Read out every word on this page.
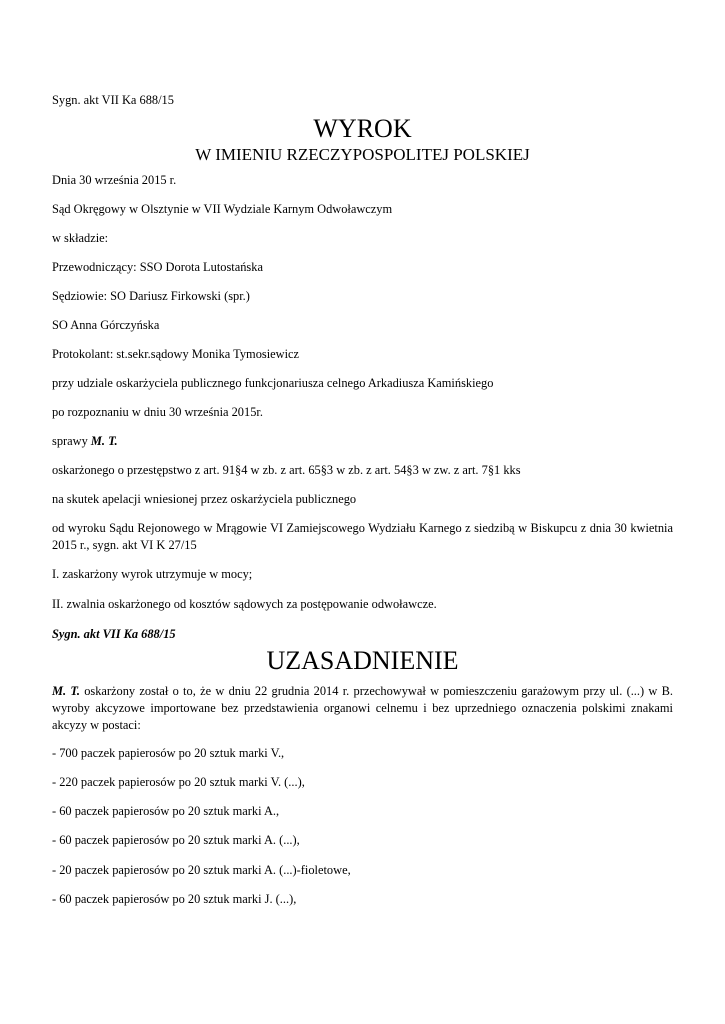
Sygn. akt VII Ka 688/15
WYROK
W IMIENIU RZECZYPOSPOLITEJ POLSKIEJ
Dnia 30 września 2015 r.
Sąd Okręgowy w Olsztynie w VII Wydziale Karnym Odwoławczym
w składzie:
Przewodniczący: SSO Dorota Lutostańska
Sędziowie: SO Dariusz Firkowski (spr.)
SO Anna Górczyńska
Protokolant: st.sekr.sądowy Monika Tymosiewicz
przy udziale oskarżyciela publicznego funkcjonariusza celnego Arkadiusza Kamińskiego
po rozpoznaniu w dniu 30 września 2015r.
sprawy M. T.
oskarżonego o przestępstwo z art. 91§4 w zb. z art. 65§3 w zb. z art. 54§3 w zw. z art. 7§1 kks
na skutek apelacji wniesionej przez oskarżyciela publicznego
od wyroku Sądu Rejonowego w Mrągowie VI Zamiejscowego Wydziału Karnego z siedzibą w Biskupcu z dnia 30 kwietnia 2015 r., sygn. akt VI K 27/15
I. zaskarżony wyrok utrzymuje w mocy;
II. zwalnia oskarżonego od kosztów sądowych za postępowanie odwoławcze.
Sygn. akt VII Ka 688/15
UZASADNIENIE
M. T. oskarżony został o to, że w dniu 22 grudnia 2014 r. przechowywał w pomieszczeniu garażowym przy ul. (...) w B. wyroby akcyzowe importowane bez przedstawienia organowi celnemu i bez uprzedniego oznaczenia polskimi znakami akcyzy w postaci:
- 700 paczek papierosów po 20 sztuk marki V.,
- 220 paczek papierosów po 20 sztuk marki V. (...),
- 60 paczek papierosów po 20 sztuk marki A.,
- 60 paczek papierosów po 20 sztuk marki A. (...),
- 20 paczek papierosów po 20 sztuk marki A. (...)-fioletowe,
- 60 paczek papierosów po 20 sztuk marki J. (...),
